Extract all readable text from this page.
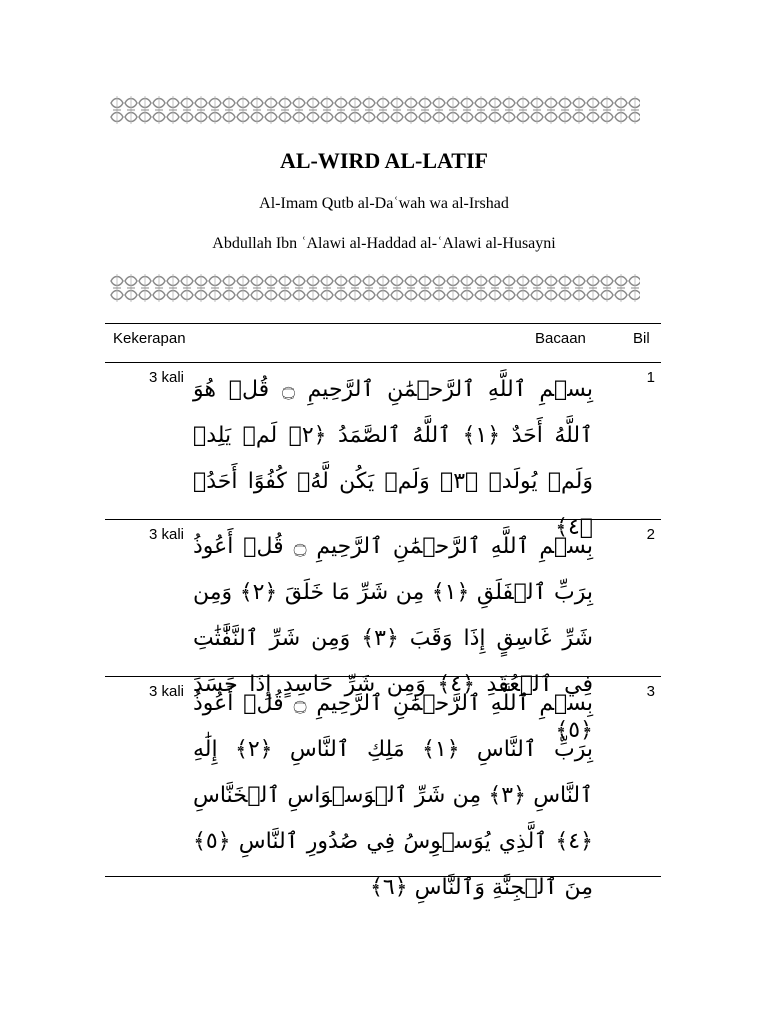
AL-WIRD AL-LATIF
Al-Imam Qutb al-Daʿwah wa al-Irshad
Abdullah Ibn ʿAlawi al-Haddad al-ʿAlawi al-Husayni
Kekerapan	Bacaan	Bil
3 kali بِسۡمِ ٱللَّهِ ٱلرَّحۡمَٰنِ ٱلرَّحِيمِ ۝ قُلۡ هُوَ ٱللَّهُ أَحَدٌ ﴿١﴾ ٱللَّهُ ٱلصَّمَدُ ﴿٢﴾ لَمۡ يَلِدۡ وَلَمۡ يُولَدۡ ﴿٣﴾ وَلَمۡ يَكُن لَّهُۥ كُفُوًا أَحَدُۢ ﴿٤﴾
1
3 kali بِسۡمِ ٱللَّهِ ٱلرَّحۡمَٰنِ ٱلرَّحِيمِ ۝ قُلۡ أَعُوذُ بِرَبِّ ٱلۡفَلَقِ ﴿١﴾ مِن شَرِّ مَا خَلَقَ ﴿٢﴾ وَمِن شَرِّ غَاسِقٍ إِذَا وَقَبَ ﴿٣﴾ وَمِن شَرِّ ٱلنَّفَّٰثَٰتِ فِي ٱلۡعُقَدِ ﴿٤﴾ وَمِن شَرِّ حَاسِدٍ إِذَا حَسَدَ ﴿٥﴾
2
3 kali بِسۡمِ ٱللَّهِ ٱلرَّحۡمَٰنِ ٱلرَّحِيمِ ۝ قُلۡ أَعُوذُ بِرَبِّ ٱلنَّاسِ ﴿١﴾ مَلِكِ ٱلنَّاسِ ﴿٢﴾ إِلَٰهِ ٱلنَّاسِ ﴿٣﴾ مِن شَرِّ ٱلۡوَسۡوَاسِ ٱلۡخَنَّاسِ ﴿٤﴾ ٱلَّذِي يُوَسۡوِسُ فِي صُدُورِ ٱلنَّاسِ ﴿٥﴾ مِنَ ٱلۡجِنَّةِ وَٱلنَّاسِ ﴿٦﴾
3
